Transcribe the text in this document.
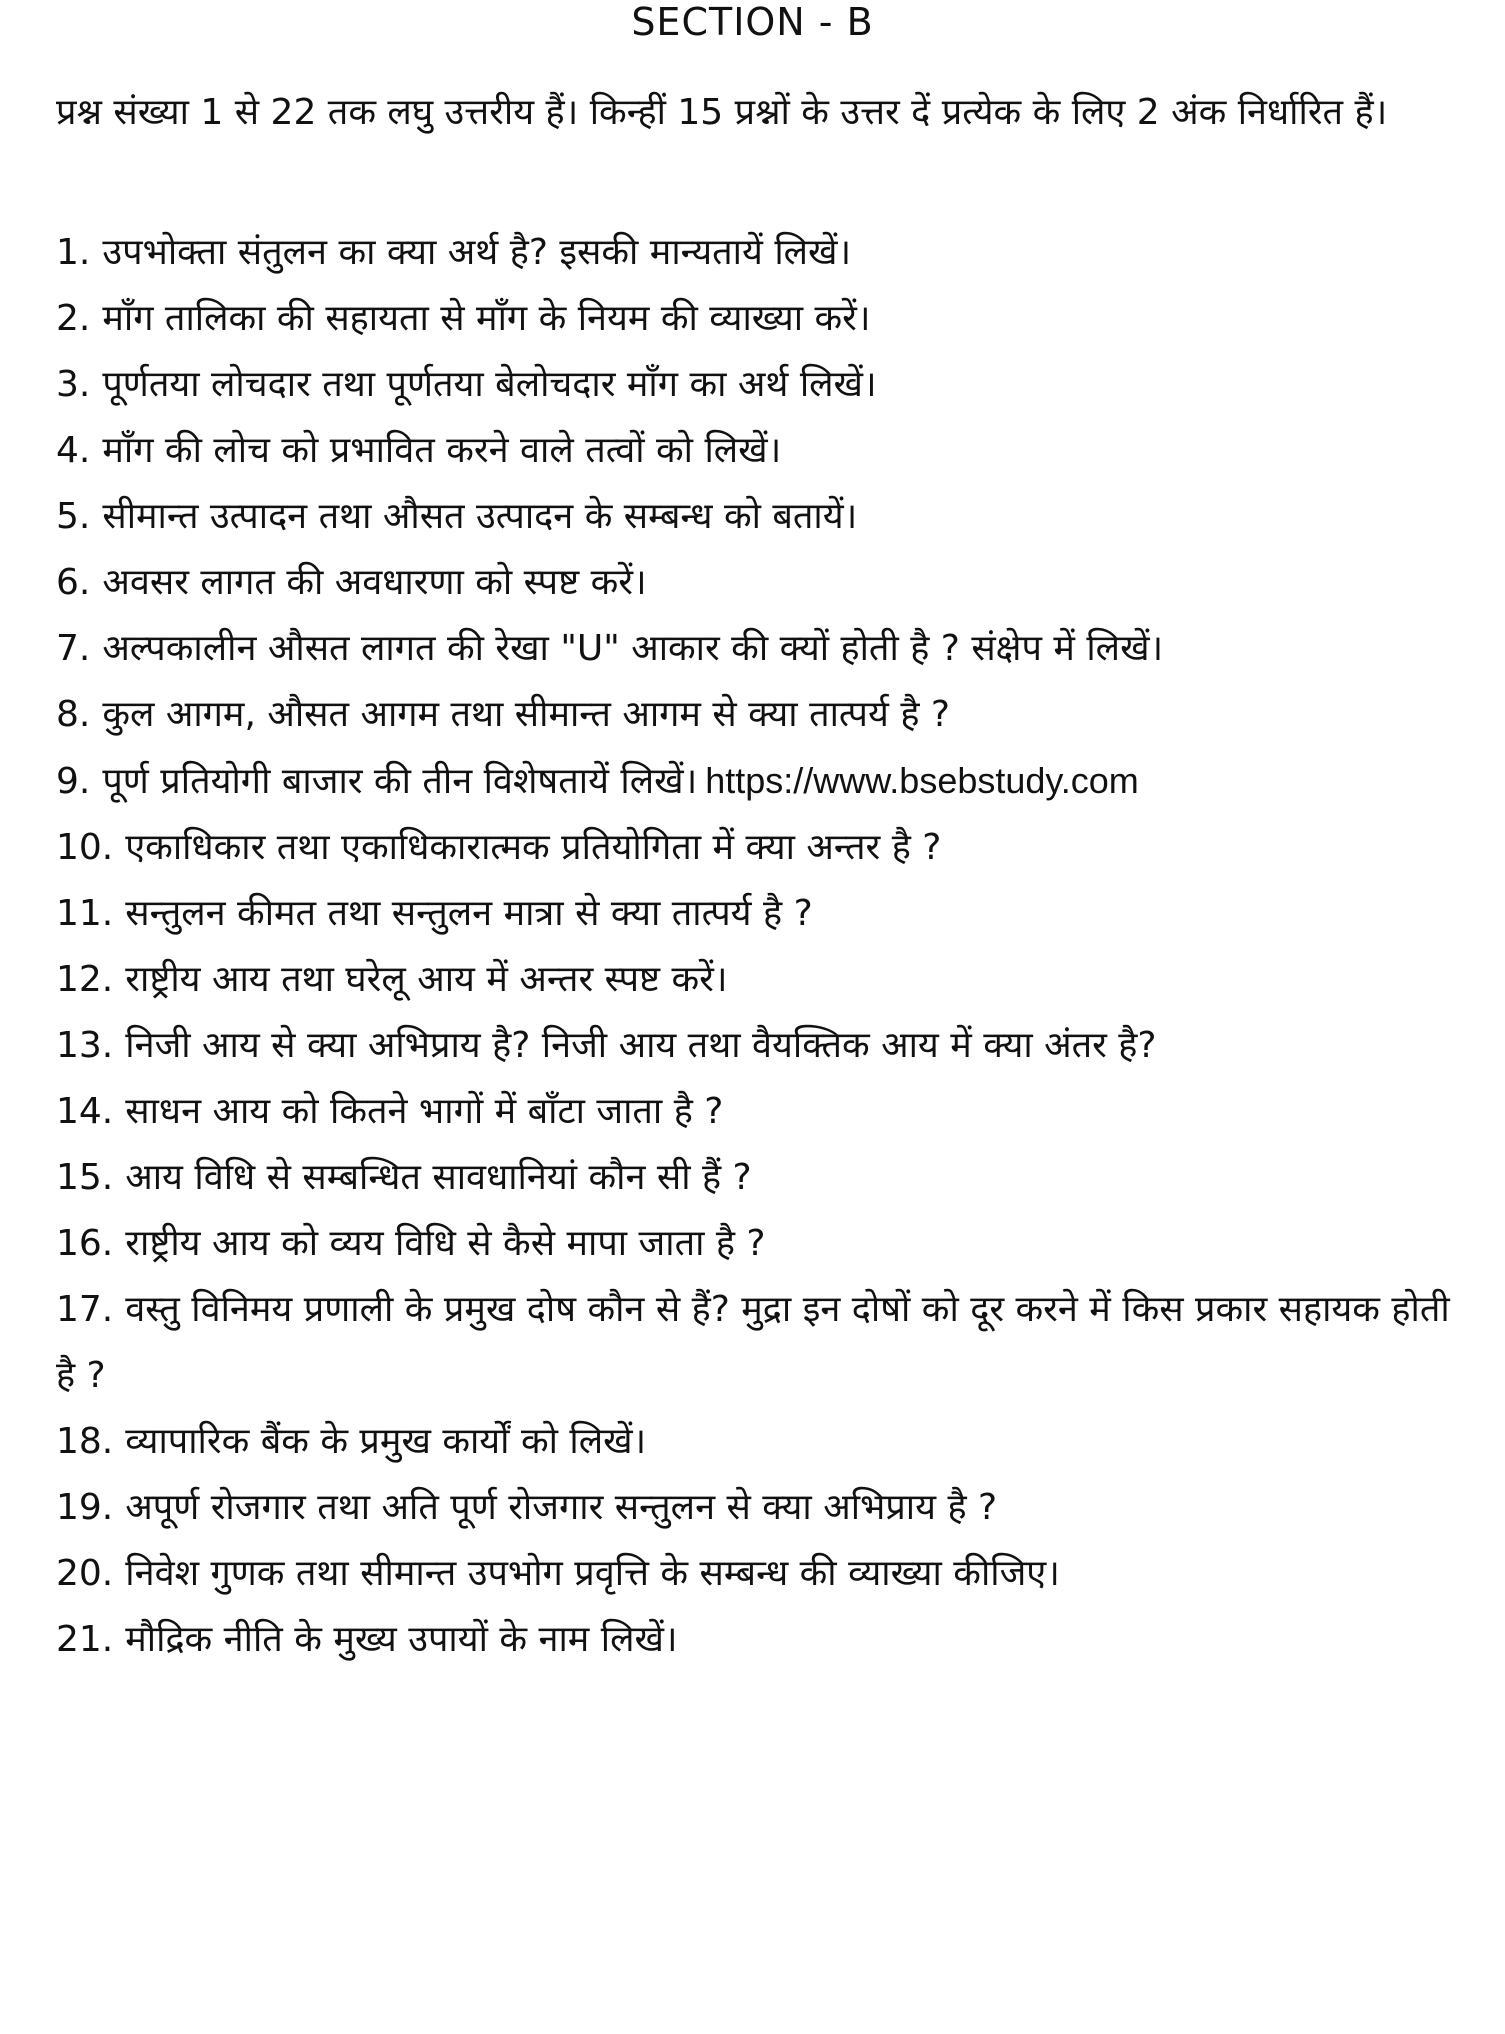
SECTION - B
प्रश्न संख्या 1 से 22 तक लघु उत्तरीय हैं। किन्हीं 15 प्रश्नों के उत्तर दें प्रत्येक के लिए 2 अंक निर्धारित हैं।
1. उपभोक्ता संतुलन का क्या अर्थ है? इसकी मान्यतायें लिखें।
2. माँग तालिका की सहायता से माँग के नियम की व्याख्या करें।
3. पूर्णतया लोचदार तथा पूर्णतया बेलोचदार माँग का अर्थ लिखें।
4. माँग की लोच को प्रभावित करने वाले तत्वों को लिखें।
5. सीमान्त उत्पादन तथा औसत उत्पादन के सम्बन्ध को बतायें।
6. अवसर लागत की अवधारणा को स्पष्ट करें।
7. अल्पकालीन औसत लागत की रेखा "U" आकार की क्यों होती है ? संक्षेप में लिखें।
8. कुल आगम, औसत आगम तथा सीमान्त आगम से क्या तात्पर्य है ?
9. पूर्ण प्रतियोगी बाजार की तीन विशेषतायें लिखें। https://www.bsebstudy.com
10. एकाधिकार तथा एकाधिकारात्मक प्रतियोगिता में क्या अन्तर है ?
11. सन्तुलन कीमत तथा सन्तुलन मात्रा से क्या तात्पर्य है ?
12. राष्ट्रीय आय तथा घरेलू आय में अन्तर स्पष्ट करें।
13. निजी आय से क्या अभिप्राय है? निजी आय तथा वैयक्तिक आय में क्या अंतर है?
14. साधन आय को कितने भागों में बाँटा जाता है ?
15. आय विधि से सम्बन्धित सावधानियां कौन सी हैं ?
16. राष्ट्रीय आय को व्यय विधि से कैसे मापा जाता है ?
17. वस्तु विनिमय प्रणाली के प्रमुख दोष कौन से हैं? मुद्रा इन दोषों को दूर करने में किस प्रकार सहायक होती है ?
18. व्यापारिक बैंक के प्रमुख कार्यों को लिखें।
19. अपूर्ण रोजगार तथा अति पूर्ण रोजगार सन्तुलन से क्या अभिप्राय है ?
20. निवेश गुणक तथा सीमान्त उपभोग प्रवृत्ति के सम्बन्ध की व्याख्या कीजिए।
21. मौद्रिक नीति के मुख्य उपायों के नाम लिखें।
